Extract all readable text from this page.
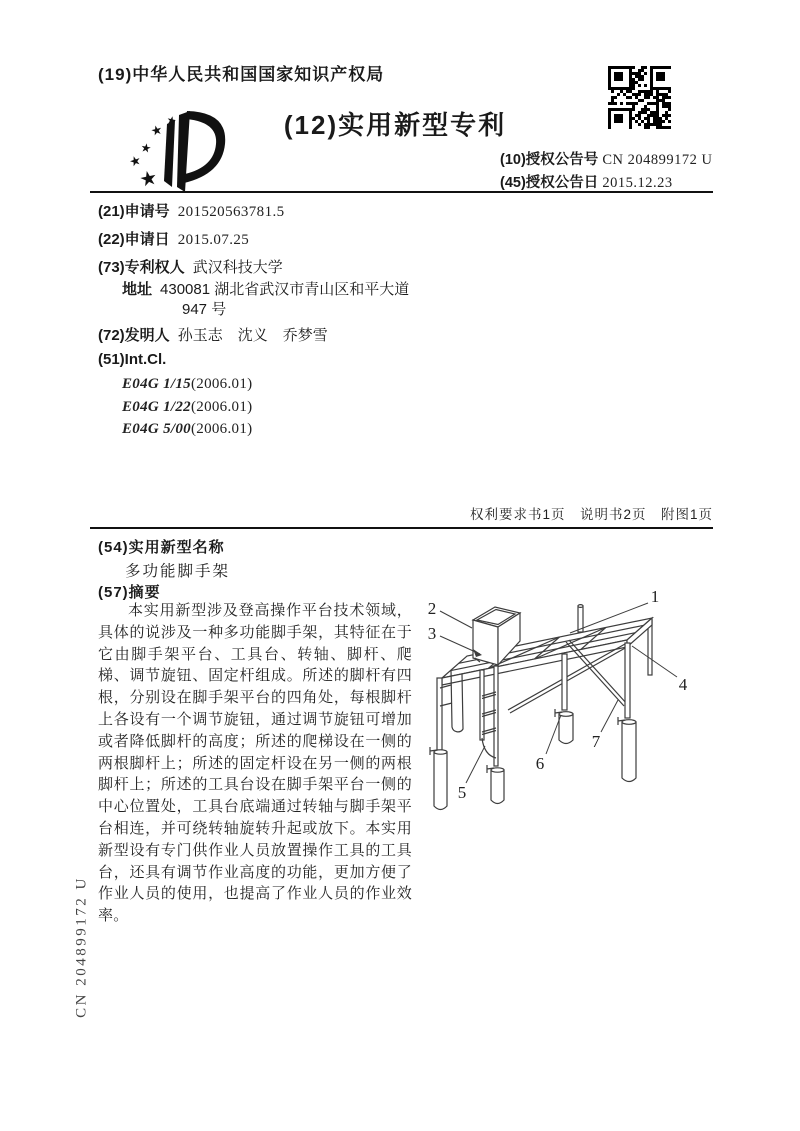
(19)中华人民共和国国家知识产权局
★
★
★
★
★	(12)实用新型专利
(10)授权公告号 CN 204899172 U
(45)授权公告日 2015.12.23
(21)申请号 201520563781.5
(22)申请日 2015.07.25
(73)专利权人 武汉科技大学
地址 430081 湖北省武汉市青山区和平大道
947 号
(72)发明人 孙玉志　沈义　乔梦雪
(51)Int.Cl.
E04G 1/15(2006.01)
E04G 1/22(2006.01)
E04G 5/00(2006.01)
权利要求书1页　说明书2页　附图1页
(54)实用新型名称
多功能脚手架
(57)摘要
本实用新型涉及登高操作平台技术领域，具体的说涉及一种多功能脚手架，其特征在于它由脚手架平台、工具台、转轴、脚杆、爬梯、调节旋钮、固定杆组成。所述的脚杆有四根，分别设在脚手架平台的四角处，每根脚杆上各设有一个调节旋钮，通过调节旋钮可增加或者降低脚杆的高度；所述的爬梯设在一侧的两根脚杆上；所述的固定杆设在另一侧的两根脚杆上；所述的工具台设在脚手架平台一侧的中心位置处，工具台底端通过转轴与脚手架平台相连，并可绕转轴旋转升起或放下。本实用新型设有专门供作业人员放置操作工具的工具台，还具有调节作业高度的功能，更加方便了作业人员的使用，也提高了作业人员的作业效率。
1
2
3
4
5
6
7
CN 204899172 U
